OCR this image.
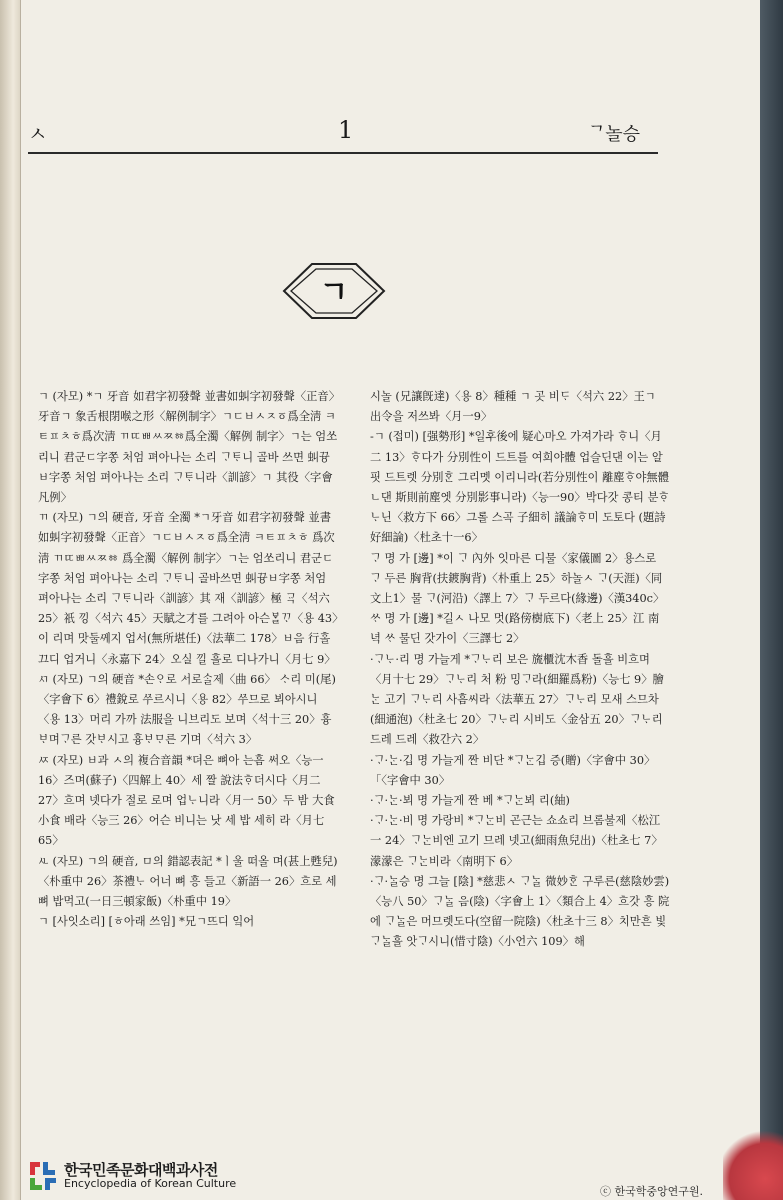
ㅅ	1	ᄀ놀승
ㄱ

ㄱ (자모) *ㄱ 牙音 如君字初發聲 並書如虯字初發聲〈正音〉牙音ㄱ 象舌根閉喉之形〈解例制字〉ㄱㄷㅂㅅㅈㆆ爲全淸 ㅋㅌㅍㅊㅎ爲次淸 ㄲㄸㅃㅆㅉㆅ爲全濁〈解例 制字〉ㄱ는 엄쏘리니 君군ㄷ字쫑 처엄 펴아나는 소리 ᄀᆞᄐᆞ니 골바 쓰면 虯뀽ㅂ字쫑 처엄 펴아나는 소리 ᄀᆞᄐᆞ니라〈訓諺〉ㄱ 其役〈字會 凡例〉

ㄲ (자모) ㄱ의 硬音, 牙音 全濁 *ㄱ牙音 如君字初發聲 並書如虯字初發聲〈正音〉ㄱㄷㅂㅅㅈㆆ爲全淸 ㅋㅌㅍㅊㅎ 爲次淸 ㄲㄸㅃㅆㅉㆅ 爲全濁〈解例 制字〉ㄱ는 엄쏘리니 君군ㄷ字쫑 처엄 펴아나는 소리 ᄀᆞᄐᆞ니 골바쓰면 虯뀽ㅂ字쫑 처엄 펴아나는 소리 ᄀᆞᄐᆞ니라〈訓諺〉其 재〈訓諺〉極 ᄀᆢᆨ〈석六 25〉祇 낑〈석六 45〉天賦之才를 그려아 아슨ᄫᆞᆯᄁᆞ〈용 43〉이 리며 맛둘ᄭᅦ지 업서(無所堪任)〈法華二 178〉ㅂ음 行홀 끄디 업거니〈永嘉下 24〉오실 낄 흘로 디나가니〈月七 9〉

ㅺ (자모) ㄱ의 硬音 *손ᄋᆞ로 ᄼᅥ로ᄉᆞᆯ제〈曲 66〉 ᄉᆞ리 미(尾)〈字會下 6〉禮銳로 ᄶᅮ르시니〈용 82〉ᄶᅮ므로 뵈아시니〈용 13〉머리 가까 法服을 니브리도 보며〈석十三 20〉흉ᄇᆞ며ᄀᆞ른 갓ᄇᆞ시고 흉ᄇᆞᄆᆞ른 기며〈석六 3〉

ㅾ (자모) ㅂ과 ㅅ의 複合音韻 *뎌은 뼈아 는흠 써오〈능一 16〉즈며(蘇子)〈四解上 40〉세 짤 說法ᄒᆞ더시다〈月二 27〉흐며 넷다가 절로 로며 업ᄂᆞ니라〈月一 50〉두 밤 大食 小食 배라〈능三 26〉어슨 비니는 낫 세 밥 세히 라〈月七 65〉

ㅻ (자모) ㄱ의 硬音, ㅁ의 錯認表記 *ㅣ울 떠올 며(甚上甦兒)〈朴重中 26〉茶禮ᄂᆞ 어너 뼈 흥 들고〈新語一 26〉흐로 세 뼈 밥먹고(一日三頓家飯)〈朴重中 19〉

ㄱ [사잇소리] [ㅎ아래 쓰임] *兄ㄱ뜨디 잌어

시놀 (兄讓旣達)〈용 8〉種種 ㄱ 곳 비ᄃᆞ〈석六 22〉王ㄱ 出令을 저쓰봐〈月一9〉

-ㄱ (접미) [强勢形] *일후後에 疑心마오 가져가라 ᄒᆞ니〈月二 13〉ᄒᆞ다가 分別性이 드트를 여희야體 업슬딘댄 이는 알핏 드트렛 分別ᄒᆞᆫ 그리멧 이리니라(若分別性이 離塵ᄒᆞ야無體 ㄴ댄 斯則前塵엣 分別影事니라)〈능一90〉박다갓 콩티 분ᄒᆞᄂᆞ닌〈救方下 66〉그롤 스곡 子細히 議論ᄒᆞ미 도토다 (題詩好細論)〈杜초十一6〉

ᄀᆞ 명 가 [邊] *이 ᄀᆞ 內外 잇마른 디물〈家儀圖 2〉용스로 ᄀᆞ 두른 胸背(扶鍍胸背)〈朴重上 25〉하놀ㅅ ᄀᆞ(天涯)〈同文上1〉물 ᄀᆞ(河沿)〈譯上 7〉ᄀᆞ 두르다(緣邊)〈漢340c〉

ᄊᆞ 명 가 [邊] *길ㅅ 나모 멋(路傍樹底下)〈老上 25〉江 南녁 ᄊᆞ 물딘 갓가이〈三譯七 2〉

·ᄀᆞᄂᆞ·리 명 가늘게 *ᄀᆞᄂᆞ리 보은 旒櫃沈木香 돌흘 비흐며〈月十七 29〉ᄀᆞᄂᆞ리 처 粉 밍ᄀᆞ라(細羅爲粉)〈능七 9〉膾ᄂᆞᆫ 고기 ᄀᆞᄂᆞ리 사흠씨라〈法華五 27〉ᄀᆞᄂᆞ리 모새 스므차(細通泡)〈杜초七 20〉ᄀᆞᄂᆞ리 시비도〈金삼五 20〉ᄀᆞᄂᆞ리 드레 드레〈救간六 2〉

·ᄀᆞ·ᄂᆞᆫ·깁 명 가늘게 짠 비단 *ᄀᆞᄂᆞᆫ깁 증(贈)〈字會中 30〉「〈字會中 30〉

·ᄀᆞ·ᄂᆞᆫ·뵈 명 가늘게 짠 베 *ᄀᆞᄂᆞᆫ뵈 리(紬)

·ᄀᆞ·ᄂᆞᆫ·비 명 가랑비 *ᄀᆞᄂᆞᆫ비 곤근는 쇼쇼리 브롬불제〈松江一 24〉ᄀᆞᄂᆞᆫ비엔 고기 므레 넷고(細雨魚兒出)〈杜초七 7〉濛濛은 ᄀᆞᄂᆞᆫ비라〈南明下 6〉

·ᄀᆞ·ᄂᆞᆯ승 명 그늘 [陰] *慈悲ㅅ ᄀᆞᄂᆞᆯ 微妙ᄒᆞᆫ 구루른(慈陰妙雲)〈능八 50〉ᄀᆞᄂᆞᆯ 음(陰)〈字會上 1〉〈類合上 4〉흐갓 흥 院에 ᄀᆞᄂᆞᆯ은 머므렛도다(空留一院陰)〈杜초十三 8〉치만흔 빛 ᄀᆞᄂᆞᆯ흘 앗ᄀᆞ시니(惜寸陰)〈小언六 109〉해

한국민족문화대백과사전
Encyclopedia of Korean Culture
ⓒ 한국학중앙연구원.
